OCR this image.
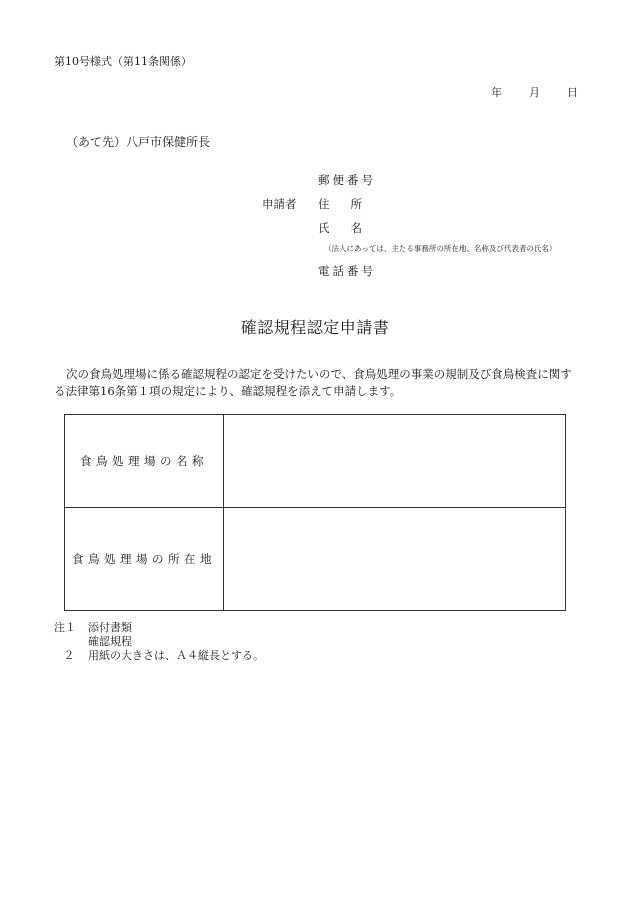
第10号様式（第11条関係）
年 月 日
（あて先）八戸市保健所長
申請者
郵便番号
住 所
氏 名
（法人にあっては、主たる事務所の所在地、名称及び代表者の氏名）
電話番号
確認規程認定申請書
次の食鳥処理場に係る確認規程の認定を受けたいので、食鳥処理の事業の規制及び食鳥検査に関する法律第16条第１項の規定により、確認規程を添えて申請します。
食鳥処理場の名称	
食鳥処理場の所在地	
注１	添付書類
確認規程
２	用紙の大きさは、Ａ４縦長とする。
